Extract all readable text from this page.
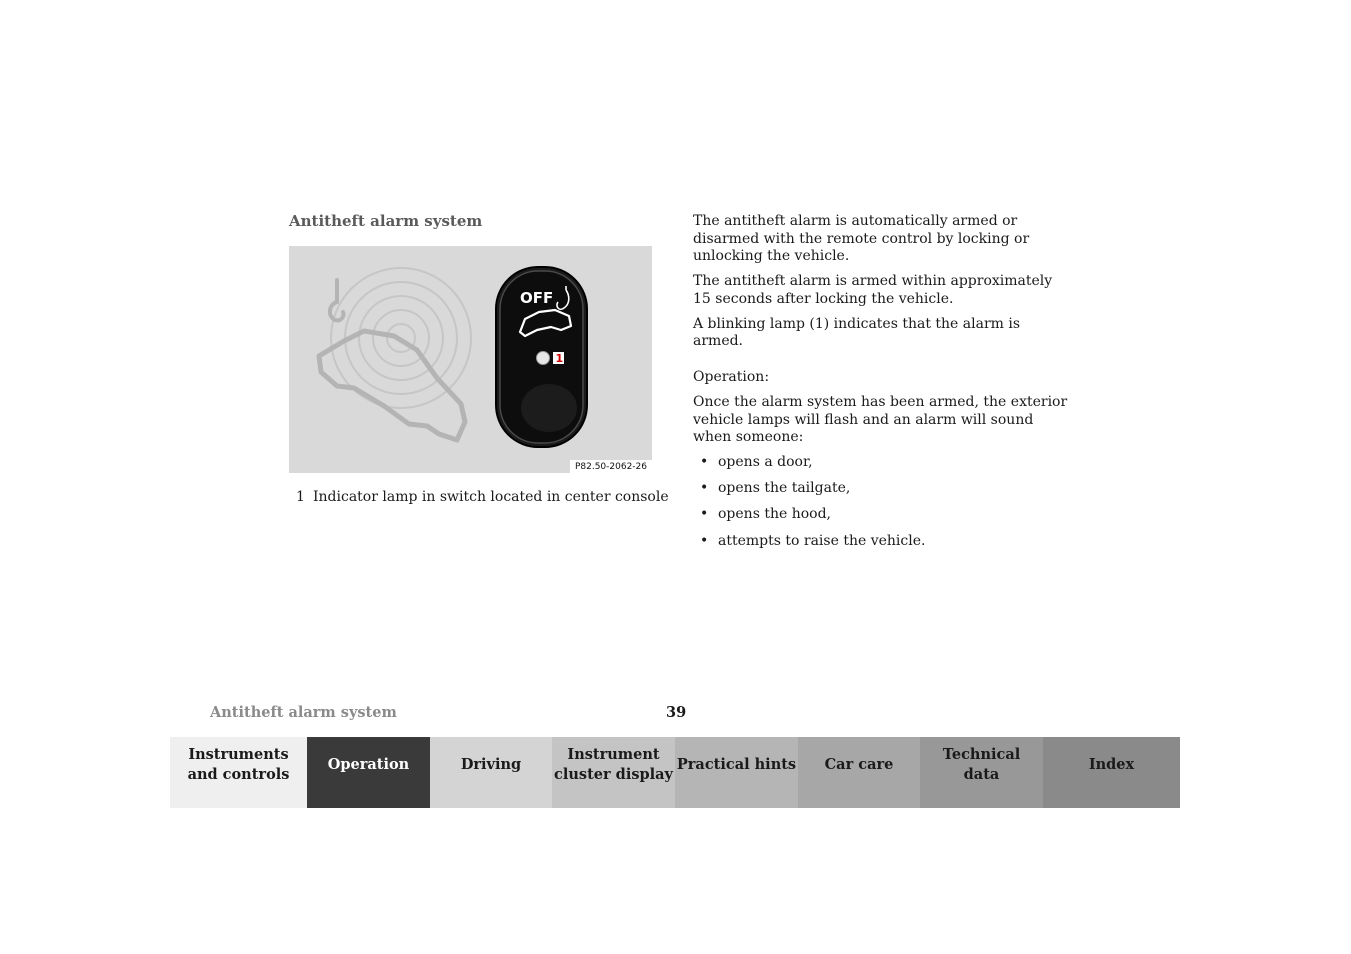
Antitheft alarm system
OFF
1
P82.50-2062-26
1 Indicator lamp in switch located in center console

The antitheft alarm is automatically armed or disarmed with the remote control by locking or unlocking the vehicle.

The antitheft alarm is armed within approximately
15 seconds after locking the vehicle.

A blinking lamp (1) indicates that the alarm is armed.

Operation:

Once the alarm system has been armed, the exterior vehicle lamps will flash and an alarm will sound when someone:

• opens a door,
• opens the tailgate,
• opens the hood,
• attempts to raise the vehicle.
Antitheft alarm system	39
Instruments
and controls
Operation	Driving
Instrument
cluster display
Practical hints Car care
Technical
data
Index
